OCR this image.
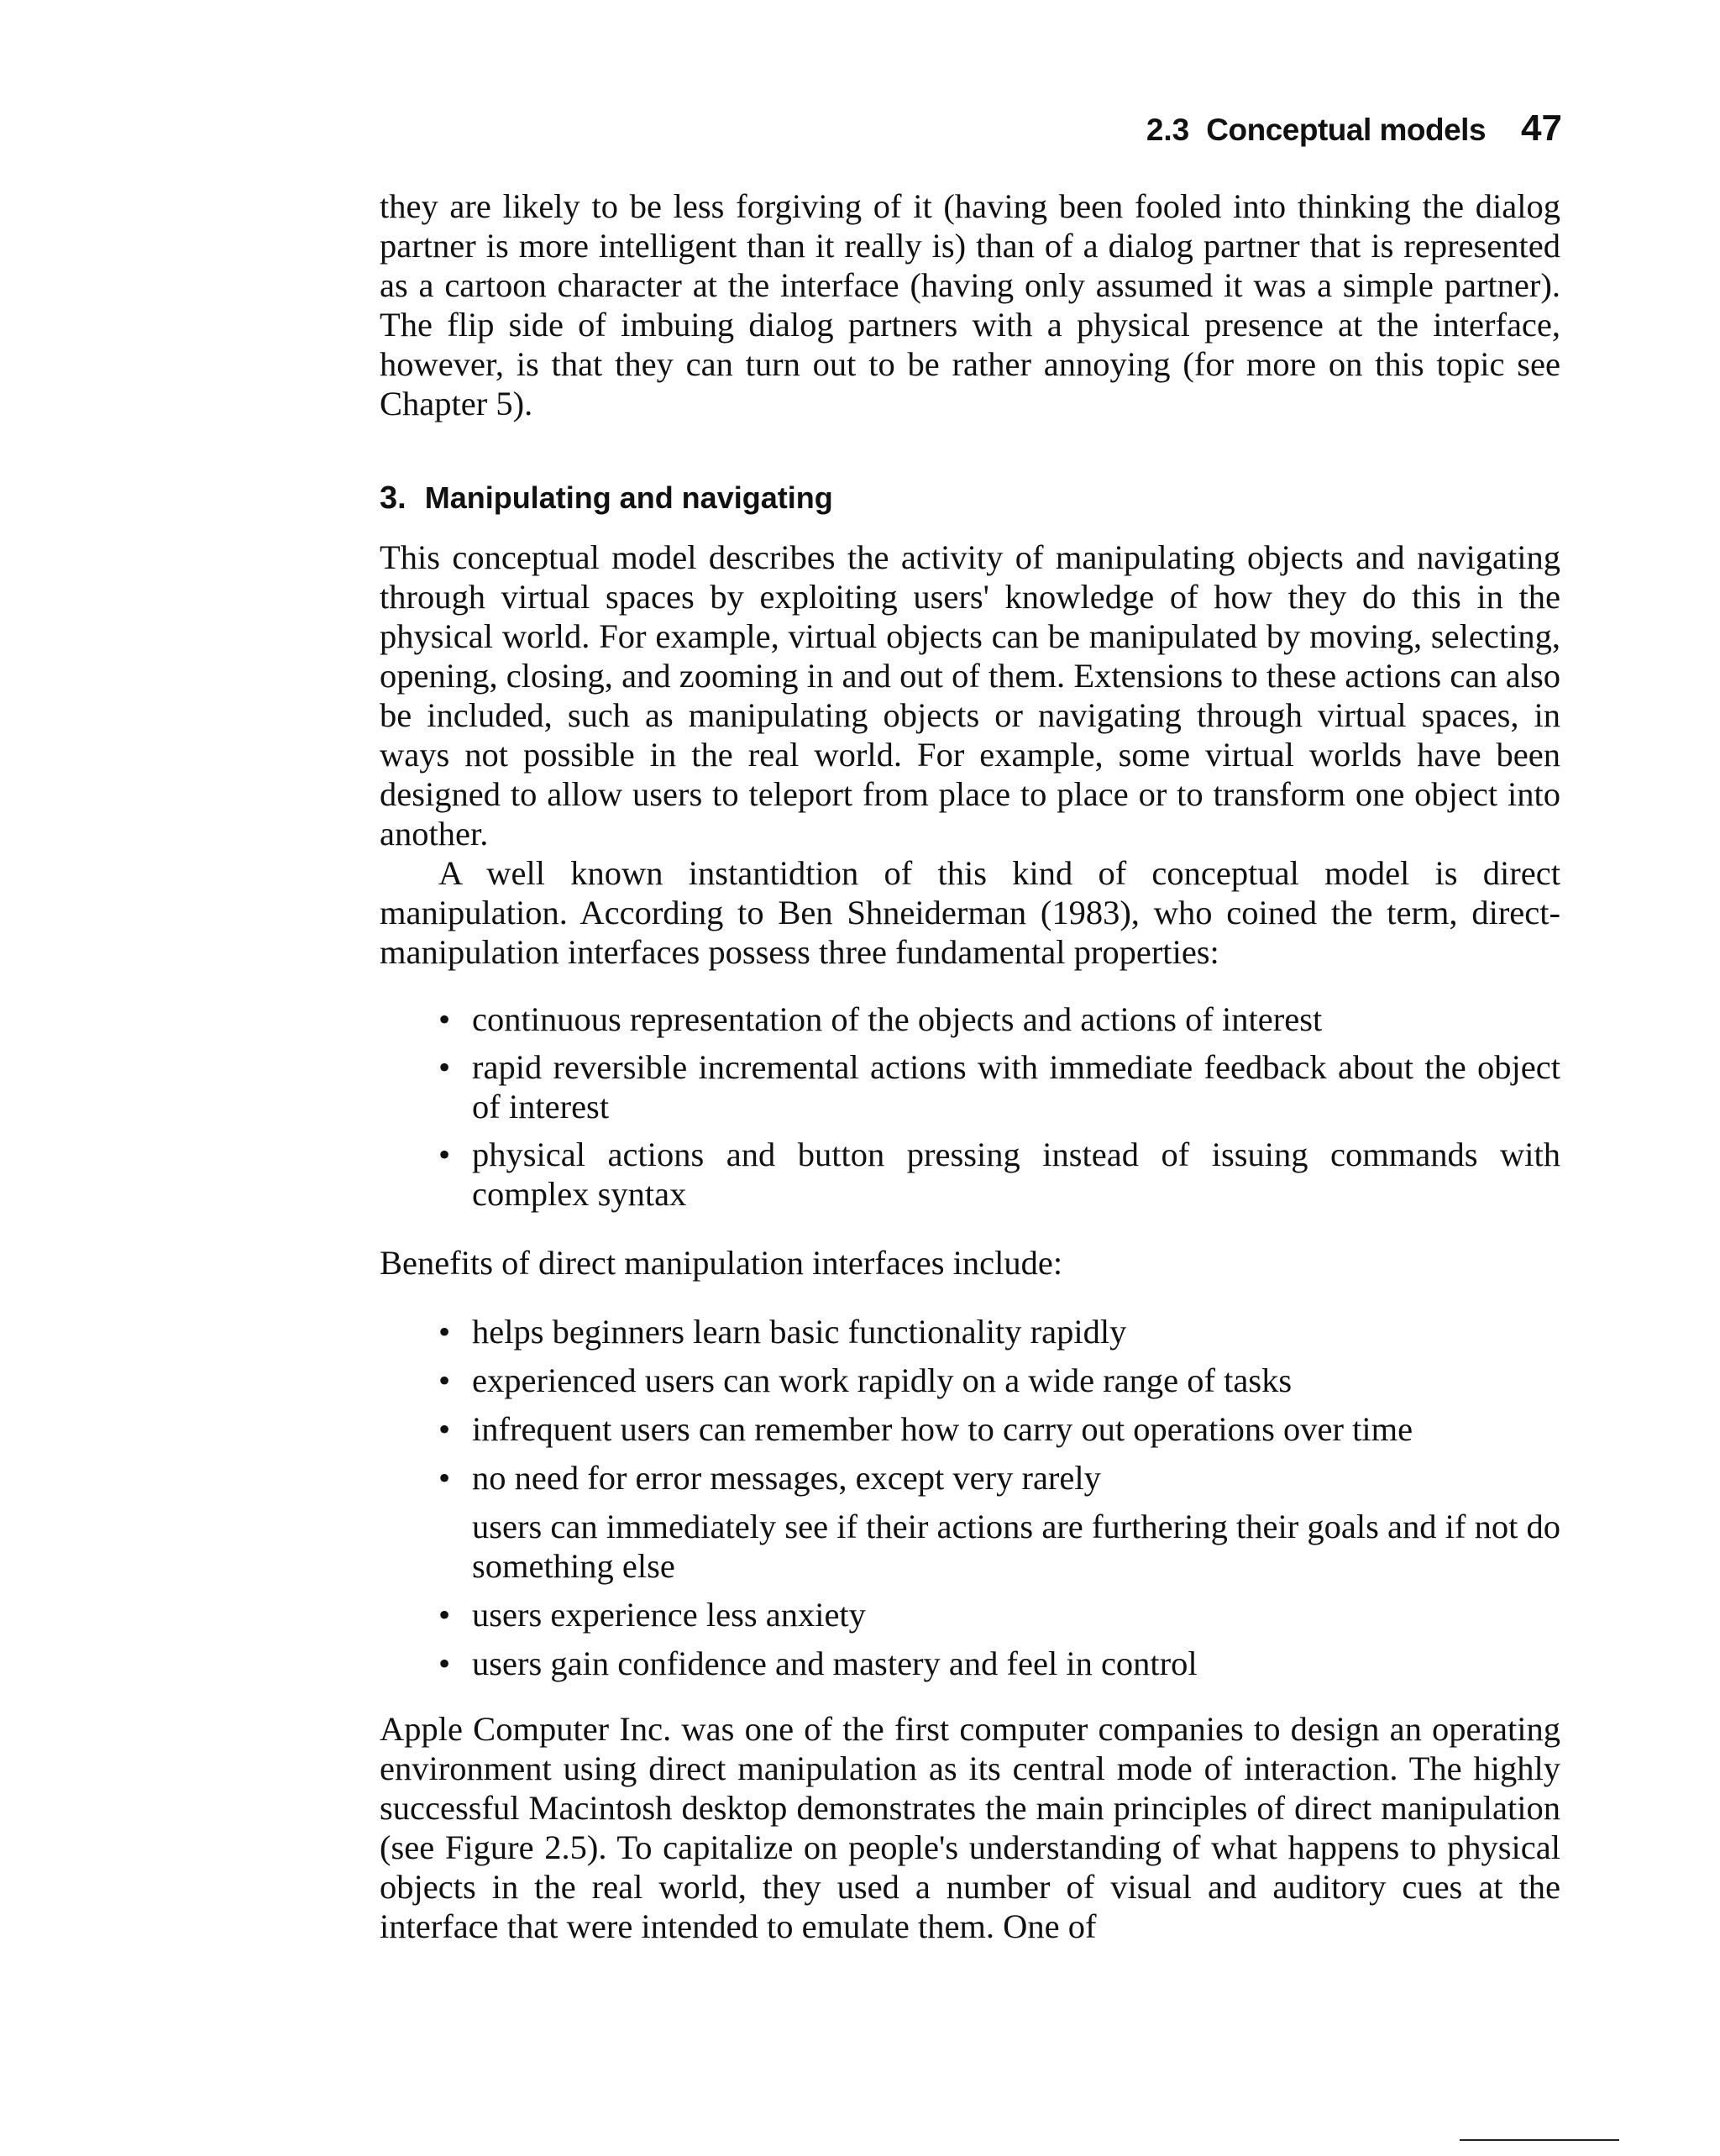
2.3 Conceptual models 47

they are likely to be less forgiving of it (having been fooled into thinking the dialog partner is more intelligent than it really is) than of a dialog partner that is represented as a cartoon character at the interface (having only assumed it was a simple partner). The flip side of imbuing dialog partners with a physical presence at the interface, however, is that they can turn out to be rather annoying (for more on this topic see Chapter 5).

3. Manipulating and navigating

This conceptual model describes the activity of manipulating objects and navigating through virtual spaces by exploiting users' knowledge of how they do this in the physical world. For example, virtual objects can be manipulated by moving, selecting, opening, closing, and zooming in and out of them. Extensions to these actions can also be included, such as manipulating objects or navigating through virtual spaces, in ways not possible in the real world. For example, some virtual worlds have been designed to allow users to teleport from place to place or to transform one object into another.

A well known instantidtion of this kind of conceptual model is direct manipulation. According to Ben Shneiderman (1983), who coined the term, direct-manipulation interfaces possess three fundamental properties:

• continuous representation of the objects and actions of interest
• rapid reversible incremental actions with immediate feedback about the object of interest
• physical actions and button pressing instead of issuing commands with complex syntax

Benefits of direct manipulation interfaces include:

• helps beginners learn basic functionality rapidly
• experienced users can work rapidly on a wide range of tasks
• infrequent users can remember how to carry out operations over time
• no need for error messages, except very rarely
users can immediately see if their actions are furthering their goals and if not do something else
• users experience less anxiety
• users gain confidence and mastery and feel in control

Apple Computer Inc. was one of the first computer companies to design an operating environment using direct manipulation as its central mode of interaction. The highly successful Macintosh desktop demonstrates the main principles of direct manipulation (see Figure 2.5). To capitalize on people's understanding of what happens to physical objects in the real world, they used a number of visual and auditory cues at the interface that were intended to emulate them. One of
